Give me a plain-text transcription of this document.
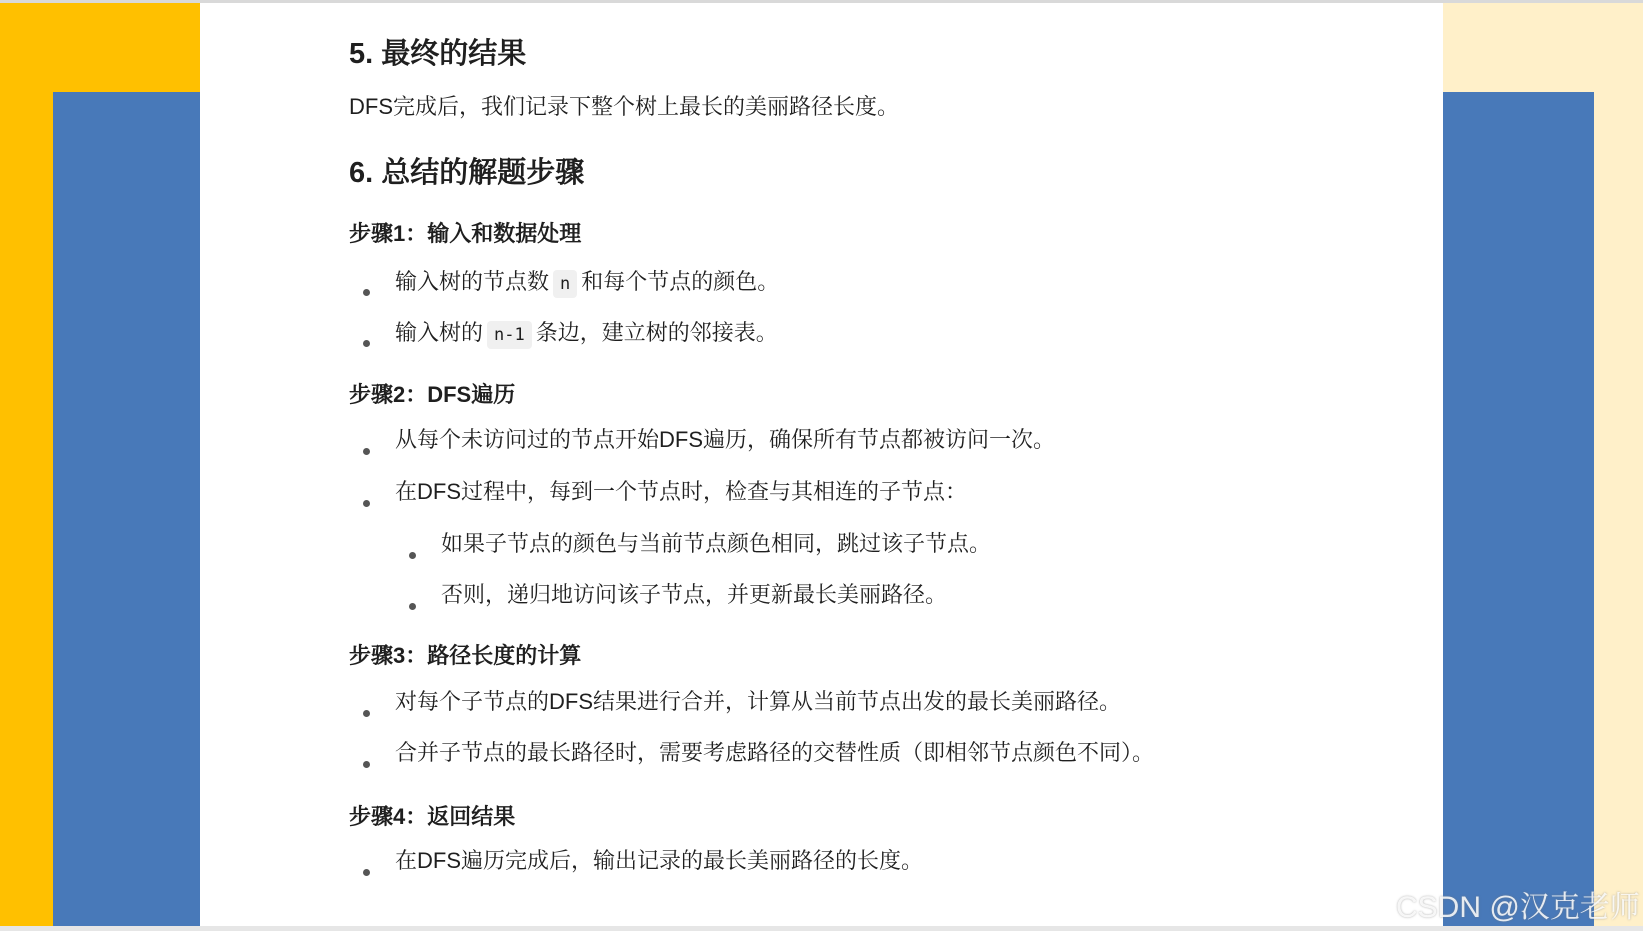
5. 最终的结果

DFS完成后，我们记录下整个树上最长的美丽路径长度。

6. 总结的解题步骤
步骤1：输入和数据处理
输入树的节点数 n 和每个节点的颜色。
输入树的 n-1 条边，建立树的邻接表。
步骤2：DFS遍历
从每个未访问过的节点开始DFS遍历，确保所有节点都被访问一次。
在DFS过程中，每到一个节点时，检查与其相连的子节点：
如果子节点的颜色与当前节点颜色相同，跳过该子节点。
否则，递归地访问该子节点，并更新最长美丽路径。
步骤3：路径长度的计算
对每个子节点的DFS结果进行合并，计算从当前节点出发的最长美丽路径。
合并子节点的最长路径时，需要考虑路径的交替性质（即相邻节点颜色不同）。
步骤4：返回结果
在DFS遍历完成后，输出记录的最长美丽路径的长度。
CSDN @汉克老师
